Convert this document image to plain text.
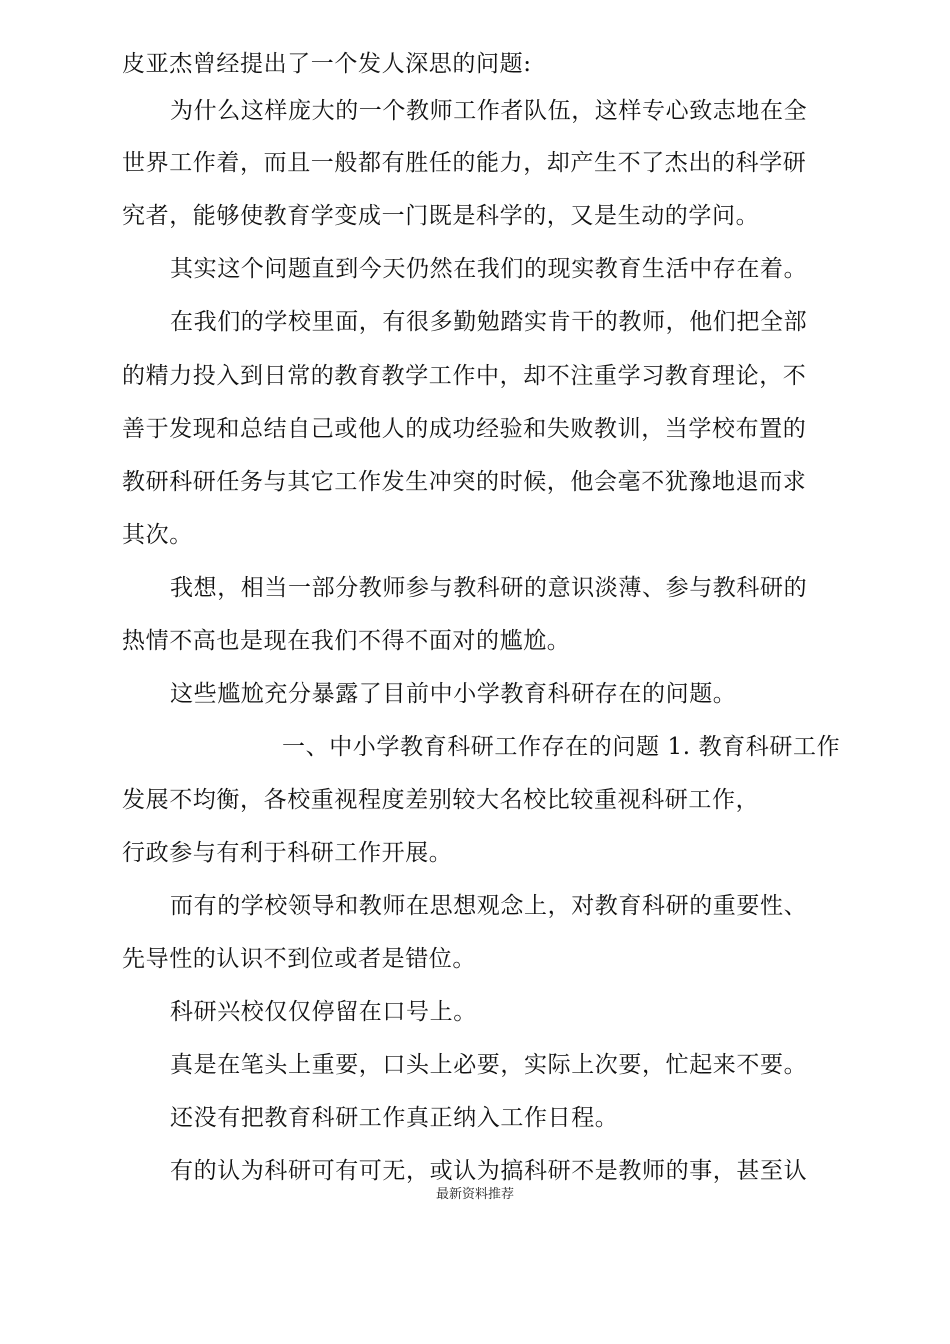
皮亚杰曾经提出了一个发人深思的问题:
为什么这样庞大的一个教师工作者队伍，这样专心致志地在全
世界工作着，而且一般都有胜任的能力，却产生不了杰出的科学研
究者，能够使教育学变成一门既是科学的，又是生动的学问。
其实这个问题直到今天仍然在我们的现实教育生活中存在着。
在我们的学校里面，有很多勤勉踏实肯干的教师，他们把全部
的精力投入到日常的教育教学工作中，却不注重学习教育理论，不
善于发现和总结自己或他人的成功经验和失败教训，当学校布置的
教研科研任务与其它工作发生冲突的时候，他会毫不犹豫地退而求
其次。
我想，相当一部分教师参与教科研的意识淡薄、参与教科研的
热情不高也是现在我们不得不面对的尴尬。
这些尴尬充分暴露了目前中小学教育科研存在的问题。
一、中小学教育科研工作存在的问题 1. 教育科研工作
发展不均衡，各校重视程度差别较大名校比较重视科研工作，
行政参与有利于科研工作开展。
而有的学校领导和教师在思想观念上，对教育科研的重要性、
先导性的认识不到位或者是错位。
科研兴校仅仅停留在口号上。
真是在笔头上重要，口头上必要，实际上次要，忙起来不要。
还没有把教育科研工作真正纳入工作日程。
有的认为科研可有可无，或认为搞科研不是教师的事，甚至认
最新资料推荐
